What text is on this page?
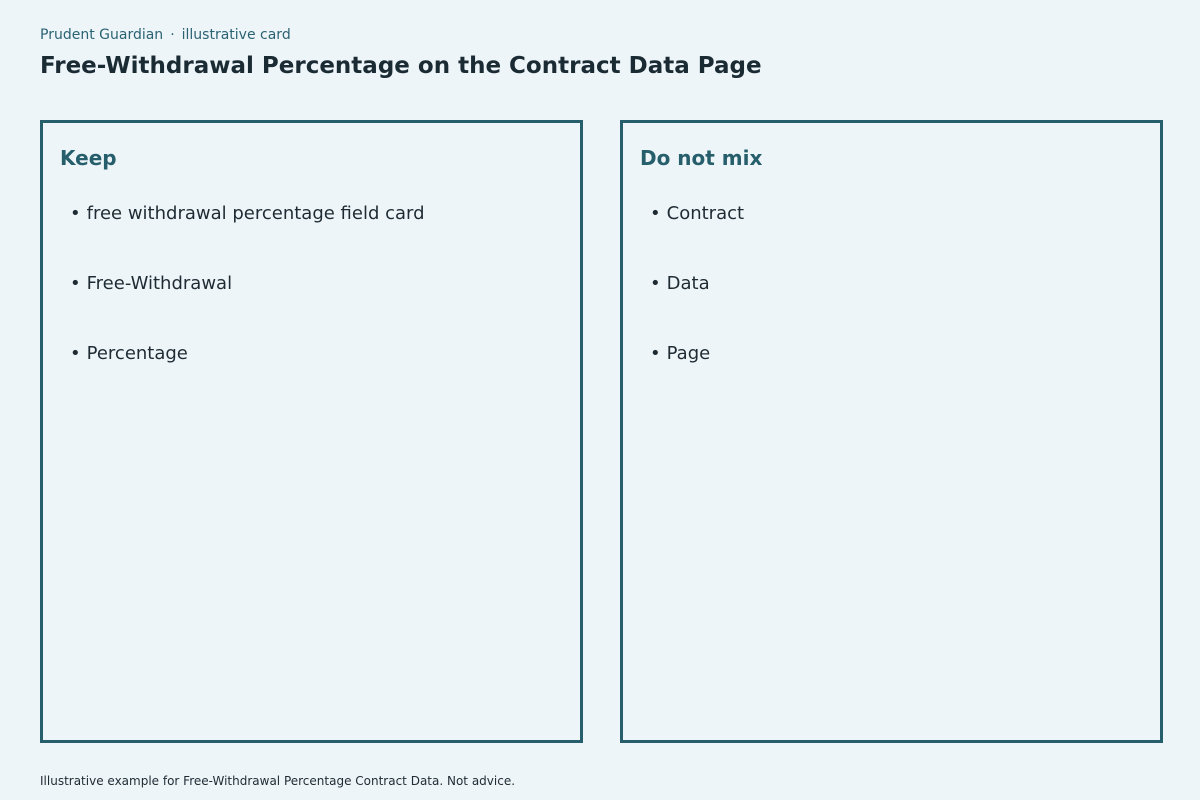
Prudent Guardian · illustrative card
Free-Withdrawal Percentage on the Contract Data Page
Keep
• free withdrawal percentage field card
• Free-Withdrawal
• Percentage
Do not mix
• Contract
• Data
• Page
Illustrative example for Free-Withdrawal Percentage Contract Data. Not advice.
